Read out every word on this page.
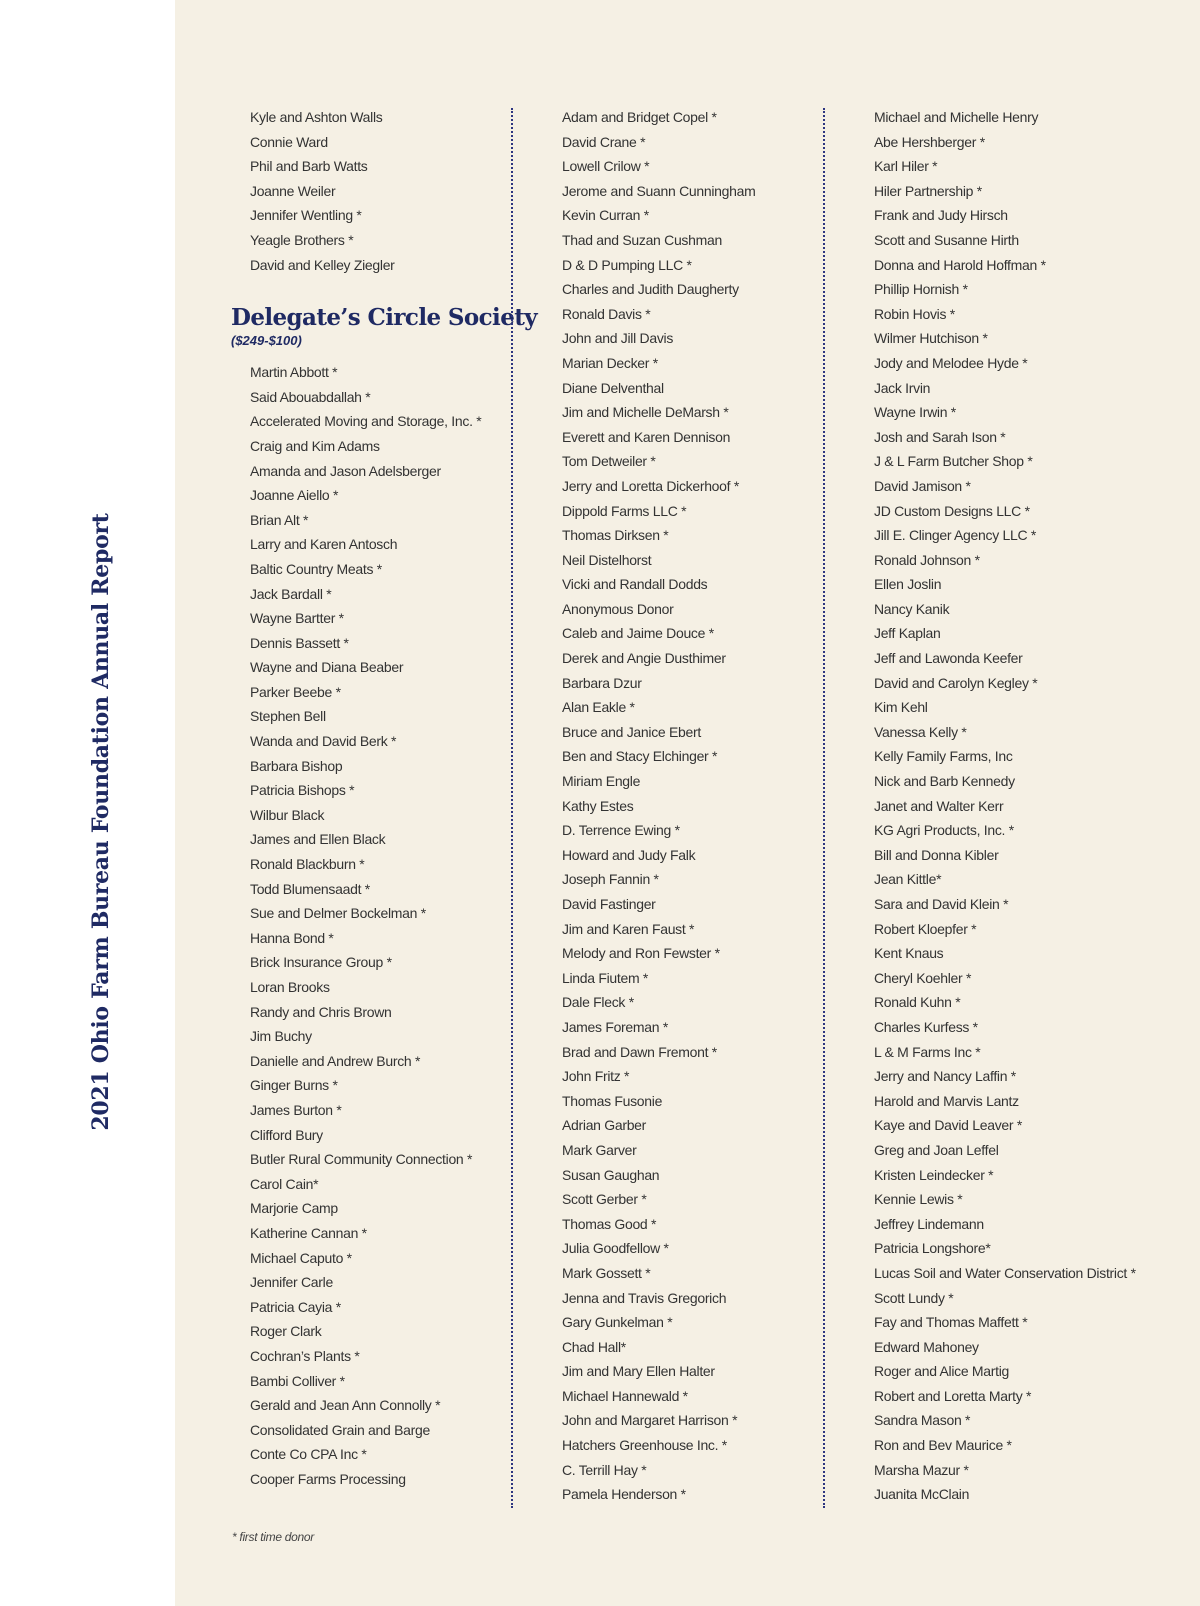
2021 Ohio Farm Bureau Foundation Annual Report
Kyle and Ashton Walls
Connie Ward
Phil and Barb Watts
Joanne Weiler
Jennifer Wentling *
Yeagle Brothers *
David and Kelley Ziegler
Delegate’s Circle Society
($249-$100)
Martin Abbott *
Said Abouabdallah *
Accelerated Moving and Storage, Inc. *
Craig and Kim Adams
Amanda and Jason Adelsberger
Joanne Aiello *
Brian Alt *
Larry and Karen Antosch
Baltic Country Meats *
Jack Bardall *
Wayne Bartter *
Dennis Bassett *
Wayne and Diana Beaber
Parker Beebe *
Stephen Bell
Wanda and David Berk *
Barbara Bishop
Patricia Bishops *
Wilbur Black
James and Ellen Black
Ronald Blackburn *
Todd Blumensaadt *
Sue and Delmer Bockelman *
Hanna Bond *
Brick Insurance Group *
Loran Brooks
Randy and Chris Brown
Jim Buchy
Danielle and Andrew Burch *
Ginger Burns *
James Burton *
Clifford Bury
Butler Rural Community Connection *
Carol Cain*
Marjorie Camp
Katherine Cannan *
Michael Caputo *
Jennifer Carle
Patricia Cayia *
Roger Clark
Cochran’s Plants *
Bambi Colliver *
Gerald and Jean Ann Connolly *
Consolidated Grain and Barge
Conte Co CPA Inc *
Cooper Farms Processing
Adam and Bridget Copel *
David Crane *
Lowell Crilow *
Jerome and Suann Cunningham
Kevin Curran *
Thad and Suzan Cushman
D & D Pumping LLC *
Charles and Judith Daugherty
Ronald Davis *
John and Jill Davis
Marian Decker *
Diane Delventhal
Jim and Michelle DeMarsh *
Everett and Karen Dennison
Tom Detweiler *
Jerry and Loretta Dickerhoof *
Dippold Farms LLC *
Thomas Dirksen *
Neil Distelhorst
Vicki and Randall Dodds
Anonymous Donor
Caleb and Jaime Douce *
Derek and Angie Dusthimer
Barbara Dzur
Alan Eakle *
Bruce and Janice Ebert
Ben and Stacy Elchinger *
Miriam Engle
Kathy Estes
D. Terrence Ewing *
Howard and Judy Falk
Joseph Fannin *
David Fastinger
Jim and Karen Faust *
Melody and Ron Fewster *
Linda Fiutem *
Dale Fleck *
James Foreman *
Brad and Dawn Fremont *
John Fritz *
Thomas Fusonie
Adrian Garber
Mark Garver
Susan Gaughan
Scott Gerber *
Thomas Good *
Julia Goodfellow *
Mark Gossett *
Jenna and Travis Gregorich
Gary Gunkelman *
Chad Hall*
Jim and Mary Ellen Halter
Michael Hannewald *
John and Margaret Harrison *
Hatchers Greenhouse Inc. *
C. Terrill Hay *
Pamela Henderson *
Michael and Michelle Henry
Abe Hershberger *
Karl Hiler *
Hiler Partnership *
Frank and Judy Hirsch
Scott and Susanne Hirth
Donna and Harold Hoffman *
Phillip Hornish *
Robin Hovis *
Wilmer Hutchison *
Jody and Melodee Hyde *
Jack Irvin
Wayne Irwin *
Josh and Sarah Ison *
J & L Farm Butcher Shop *
David Jamison *
JD Custom Designs LLC *
Jill E. Clinger Agency LLC *
Ronald Johnson *
Ellen Joslin
Nancy Kanik
Jeff Kaplan
Jeff and Lawonda Keefer
David and Carolyn Kegley *
Kim Kehl
Vanessa Kelly *
Kelly Family Farms, Inc
Nick and Barb Kennedy
Janet and Walter Kerr
KG Agri Products, Inc. *
Bill and Donna Kibler
Jean Kittle*
Sara and David Klein *
Robert Kloepfer *
Kent Knaus
Cheryl Koehler *
Ronald Kuhn *
Charles Kurfess *
L & M Farms Inc *
Jerry and Nancy Laffin *
Harold and Marvis Lantz
Kaye and David Leaver *
Greg and Joan Leffel
Kristen Leindecker *
Kennie Lewis *
Jeffrey Lindemann
Patricia Longshore*
Lucas Soil and Water Conservation District *
Scott Lundy *
Fay and Thomas Maffett *
Edward Mahoney
Roger and Alice Martig
Robert and Loretta Marty *
Sandra Mason *
Ron and Bev Maurice *
Marsha Mazur *
Juanita McClain
* first time donor
